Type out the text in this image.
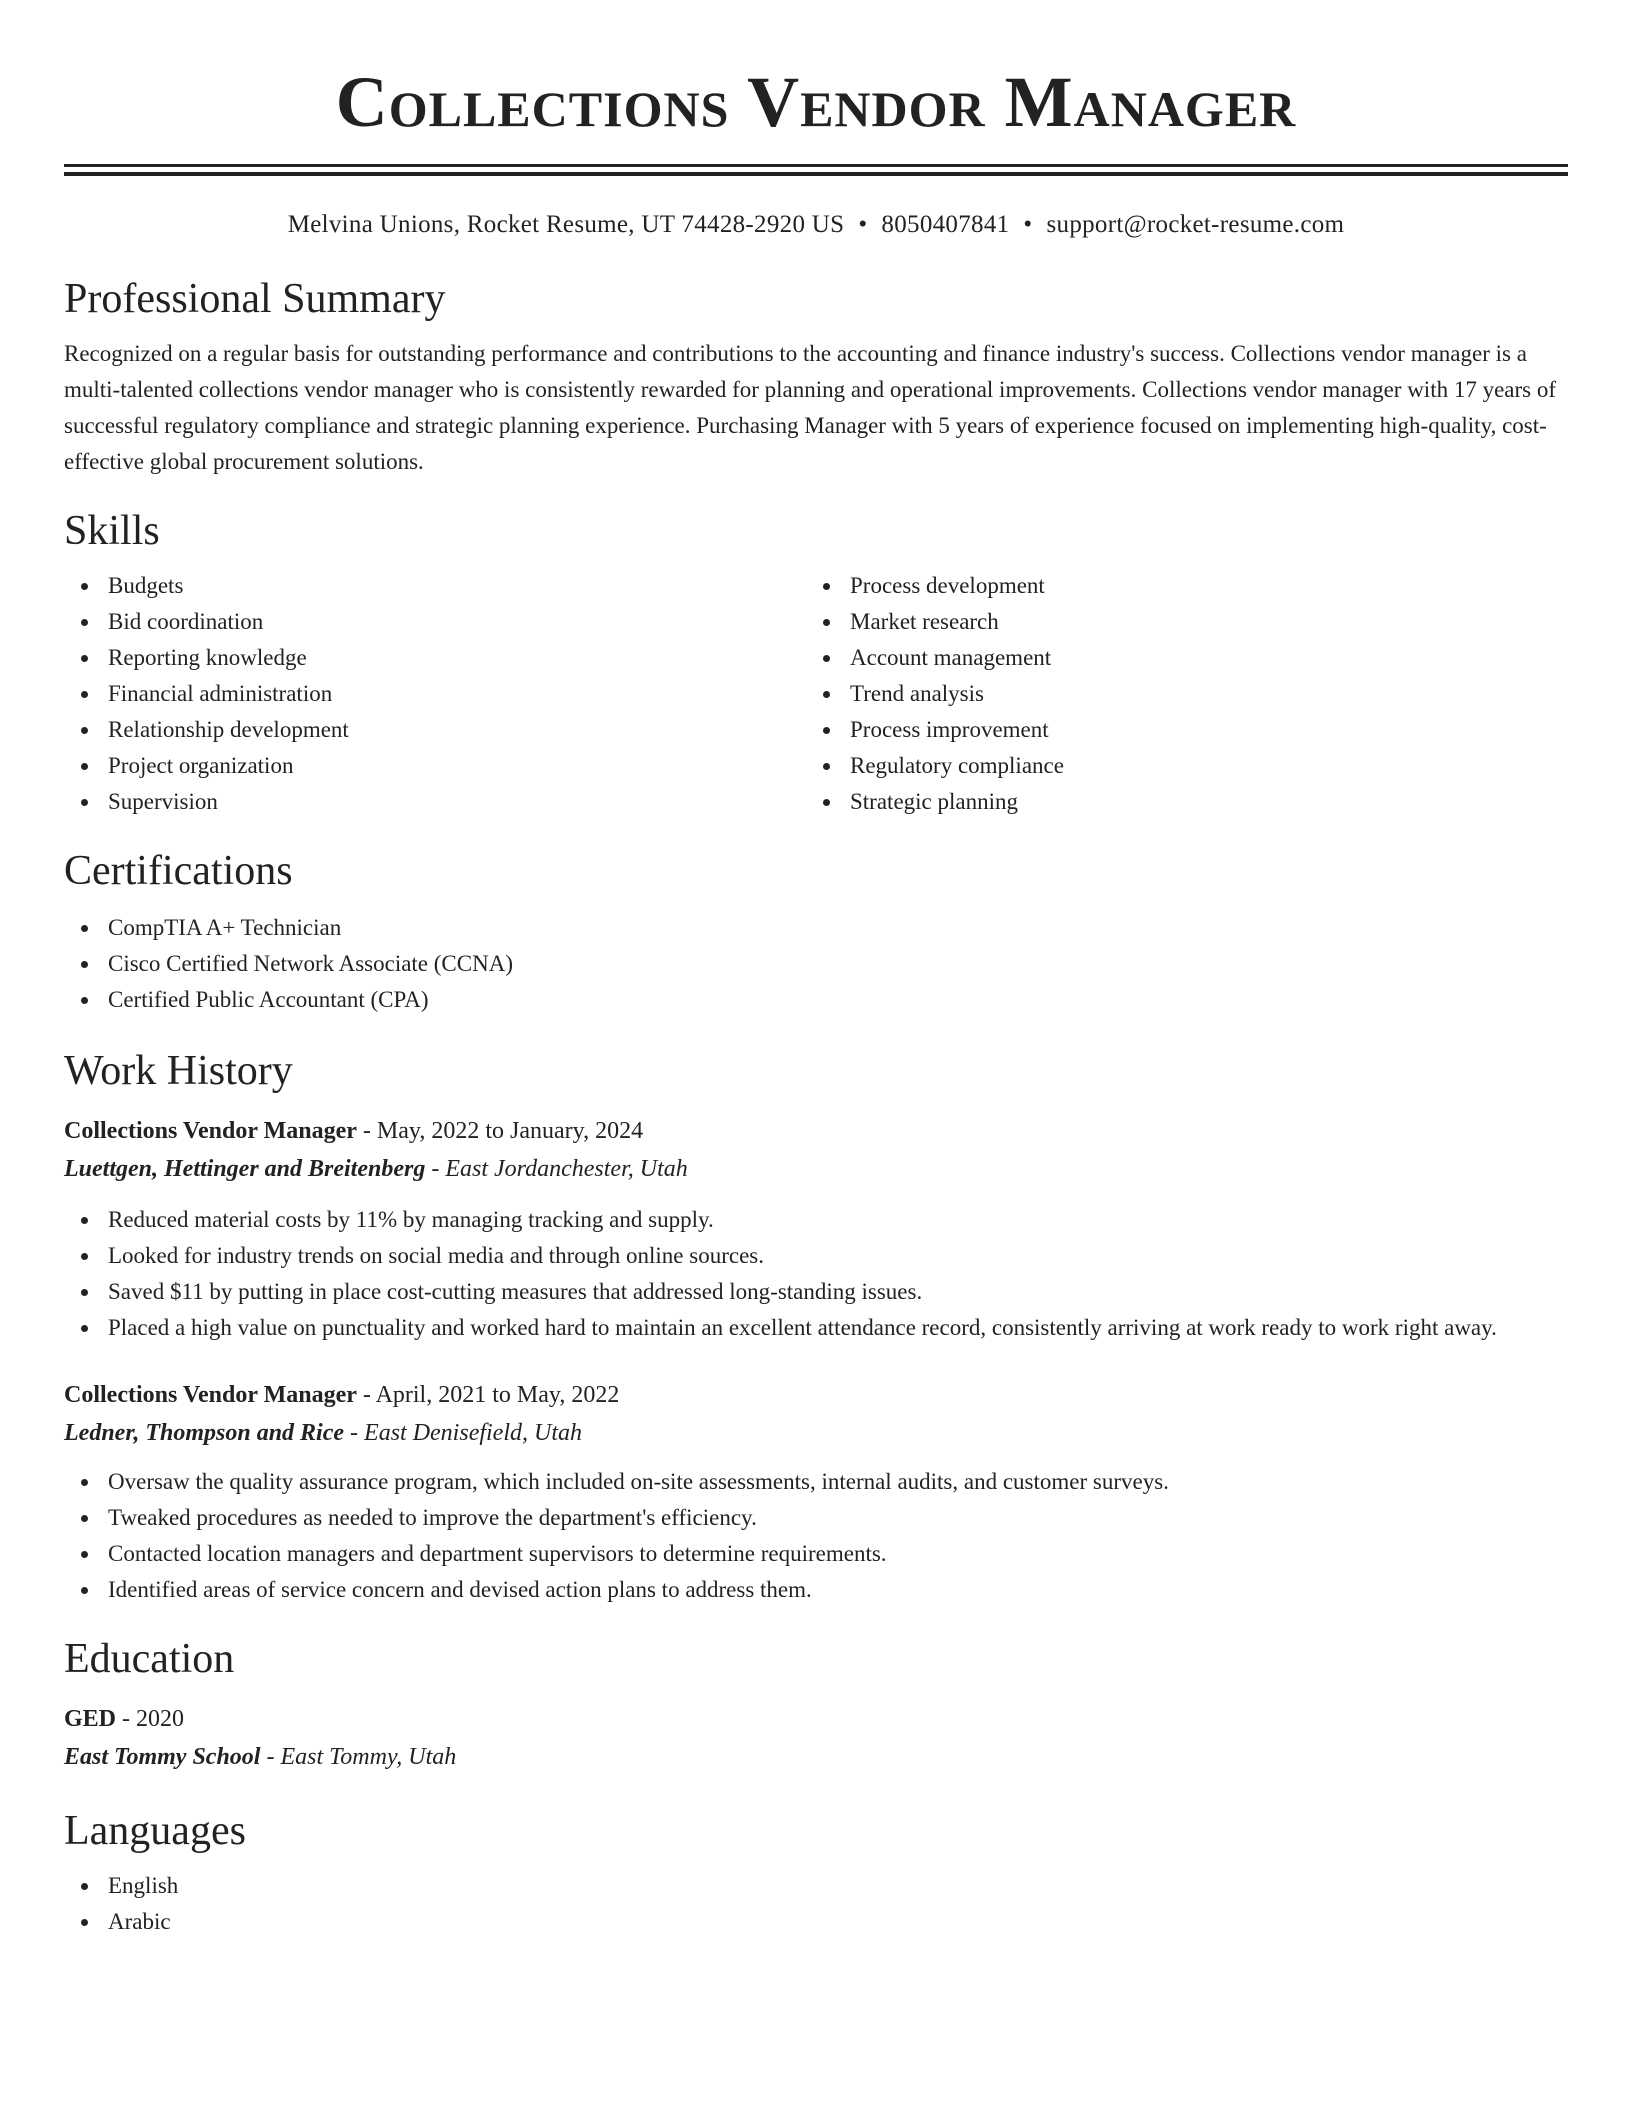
Collections Vendor Manager
Melvina Unions, Rocket Resume, UT 74428-2920 US • 8050407841 • support@rocket-resume.com
Professional Summary

Recognized on a regular basis for outstanding performance and contributions to the accounting and finance industry's success. Collections vendor manager is a multi-talented collections vendor manager who is consistently rewarded for planning and operational improvements. Collections vendor manager with 17 years of successful regulatory compliance and strategic planning experience. Purchasing Manager with 5 years of experience focused on implementing high-quality, cost-effective global procurement solutions.

Skills
Budgets
Bid coordination
Reporting knowledge
Financial administration
Relationship development
Project organization
Supervision
Process development
Market research
Account management
Trend analysis
Process improvement
Regulatory compliance
Strategic planning
Certifications
CompTIA A+ Technician
Cisco Certified Network Associate (CCNA)
Certified Public Accountant (CPA)
Work History
Collections Vendor Manager - May, 2022 to January, 2024
Luettgen, Hettinger and Breitenberg - East Jordanchester, Utah
Reduced material costs by 11% by managing tracking and supply.
Looked for industry trends on social media and through online sources.
Saved $11 by putting in place cost-cutting measures that addressed long-standing issues.
Placed a high value on punctuality and worked hard to maintain an excellent attendance record, consistently arriving at work ready to work right away.
Collections Vendor Manager - April, 2021 to May, 2022
Ledner, Thompson and Rice - East Denisefield, Utah
Oversaw the quality assurance program, which included on-site assessments, internal audits, and customer surveys.
Tweaked procedures as needed to improve the department's efficiency.
Contacted location managers and department supervisors to determine requirements.
Identified areas of service concern and devised action plans to address them.
Education
GED - 2020
East Tommy School - East Tommy, Utah
Languages
English
Arabic
